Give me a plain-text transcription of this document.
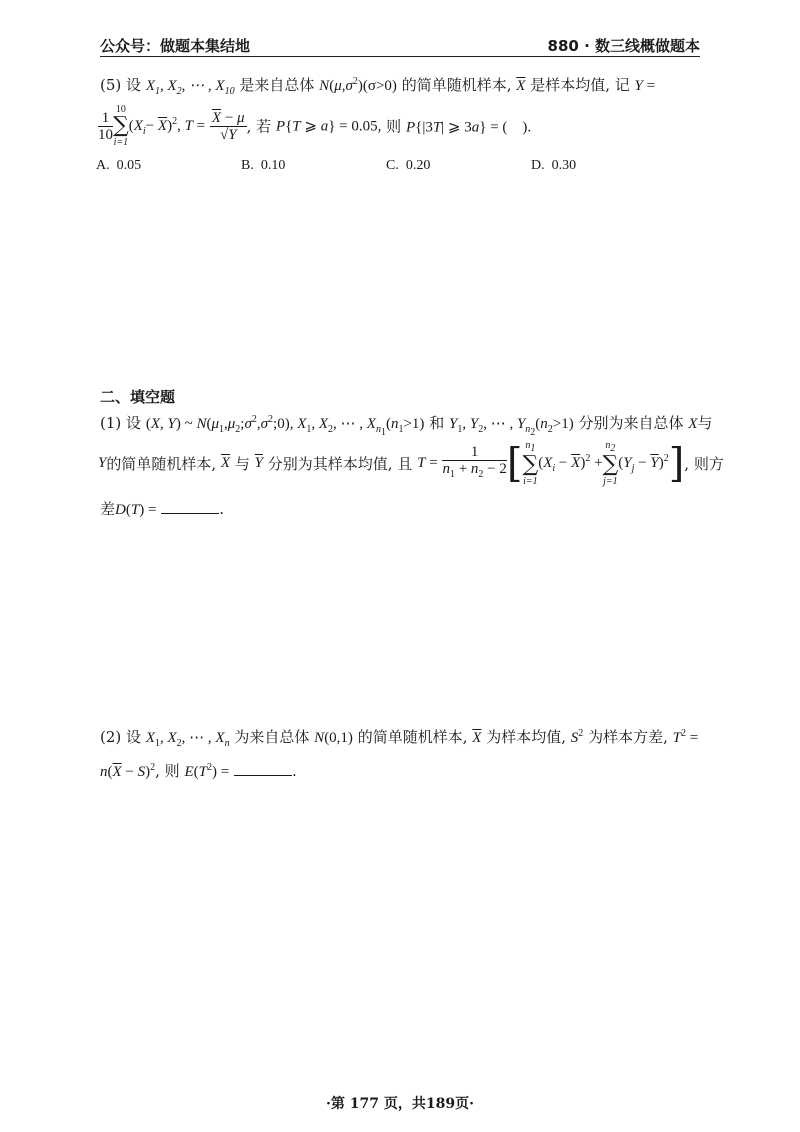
公众号：做题本集结地	880 · 数三线概做题本
(5) 设 $X_1$, $X_2$, ⋯ , $X_{10}$ 是来自总体 $N(\mu,\sigma^2)(\sigma>0)$ 的简单随机样本, $\overline{X}$ 是样本均值, 记 Y =
$\frac{1}{10} 10$
∑
i=1
$(X_i- \overline{X})^2$, $T = \frac{\overline{X} - \mu}{√Y}$ , 若 P{T ⩾ a} = 0.05, 则 P{|3T| ⩾ 3a} = (　).
A. 0.05	B. 0.10	C. 0.20	D. 0.30
二、填空题
(1) 设 (X, Y) ~ $N(\mu_1,\mu_2;\sigma^2,\sigma^2;0)$, $X_1$, $X_2$, ⋯ , $X_{n_1}(n_1>1)$ 和 $Y_1$, $Y_2$, ⋯ , $Y_{n_2}(n_2>1)$ 分别为来自总体 X与
Y的简单随机样本, $\overline{X}$ 与 $\overline{Y}$ 分别为其样本均值, 且 $T = \frac{1}{n_1 + n_2 - 2}$ [ $n_1$
∑
i=1
$(X_i - \overline{X})^2$ +
$n_2$
∑
j=1
$(Y_j - \overline{Y})^2$], 则方
差D(T) =	.
(2) 设 $X_1$, $X_2$, ⋯ , $X_n$ 为来自总体 N(0,1) 的简单随机样本, $\overline{X}$ 为样本均值, $S^2$ 为样本方差, $T^2$ =
$n(\overline{X} - S)^2$, 则 $E(T^2)$ =	.
·第 177 页，共189页·
